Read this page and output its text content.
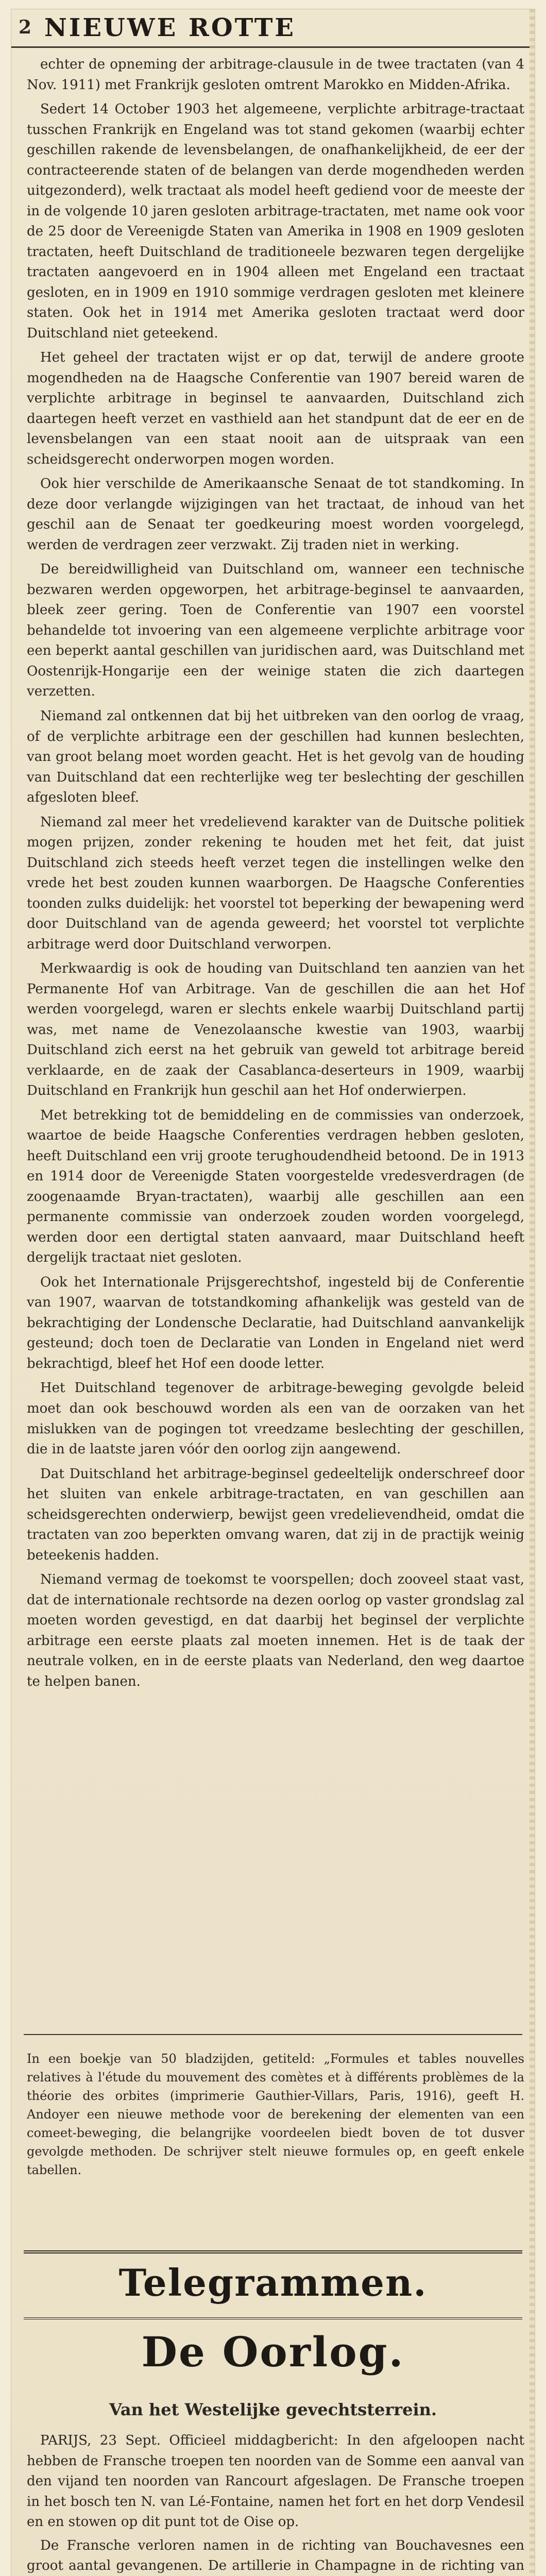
2 NIEUWE ROTTE

echter de opneming der arbitrage-clausule in de twee tractaten (van 4 Nov. 1911) met Frankrijk gesloten omtrent Marokko en Midden-Afrika.

Sedert 14 October 1903 het algemeene, verplichte arbitrage-tractaat tusschen Frankrijk en Engeland was tot stand gekomen (waarbij echter geschillen rakende de levensbelangen, de onafhankelijkheid, de eer der contracteerende staten of de belangen van derde mogendheden werden uitgezonderd), welk tractaat als model heeft gediend voor de meeste der in de volgende 10 jaren gesloten arbitrage-tractaten, met name ook voor de 25 door de Vereenigde Staten van Amerika in 1908 en 1909 gesloten tractaten, heeft Duitschland de traditioneele bezwaren tegen dergelijke tractaten aangevoerd en in 1904 alleen met Engeland een tractaat gesloten, en in 1909 en 1910 sommige verdragen gesloten met kleinere staten. Ook het in 1914 met Amerika gesloten tractaat werd door Duitschland niet geteekend.

Het geheel der tractaten wijst er op dat, terwijl de andere groote mogendheden na de Haagsche Conferentie van 1907 bereid waren de verplichte arbitrage in beginsel te aanvaarden, Duitschland zich daartegen heeft verzet en vasthield aan het standpunt dat de eer en de levensbelangen van een staat nooit aan de uitspraak van een scheidsgerecht onderworpen mogen worden.

Ook hier verschilde de Amerikaansche Senaat de tot standkoming. In deze door verlangde wijzigingen van het tractaat, de inhoud van het geschil aan de Senaat ter goedkeuring moest worden voorgelegd, werden de verdragen zeer verzwakt. Zij traden niet in werking.

De bereidwilligheid van Duitschland om, wanneer een technische bezwaren werden opgeworpen, het arbitrage-beginsel te aanvaarden, bleek zeer gering. Toen de Conferentie van 1907 een voorstel behandelde tot invoering van een algemeene verplichte arbitrage voor een beperkt aantal geschillen van juridischen aard, was Duitschland met Oostenrijk-Hongarije een der weinige staten die zich daartegen verzetten.

Niemand zal ontkennen dat bij het uitbreken van den oorlog de vraag, of de verplichte arbitrage een der geschillen had kunnen beslechten, van groot belang moet worden geacht. Het is het gevolg van de houding van Duitschland dat een rechterlijke weg ter beslechting der geschillen afgesloten bleef.

Niemand zal meer het vredelievend karakter van de Duitsche politiek mogen prijzen, zonder rekening te houden met het feit, dat juist Duitschland zich steeds heeft verzet tegen die instellingen welke den vrede het best zouden kunnen waarborgen. De Haagsche Conferenties toonden zulks duidelijk: het voorstel tot beperking der bewapening werd door Duitschland van de agenda geweerd; het voorstel tot verplichte arbitrage werd door Duitschland verworpen.

Merkwaardig is ook de houding van Duitschland ten aanzien van het Permanente Hof van Arbitrage. Van de geschillen die aan het Hof werden voorgelegd, waren er slechts enkele waarbij Duitschland partij was, met name de Venezolaansche kwestie van 1903, waarbij Duitschland zich eerst na het gebruik van geweld tot arbitrage bereid verklaarde, en de zaak der Casablanca-deserteurs in 1909, waarbij Duitschland en Frankrijk hun geschil aan het Hof onderwierpen.

Met betrekking tot de bemiddeling en de commissies van onderzoek, waartoe de beide Haagsche Conferenties verdragen hebben gesloten, heeft Duitschland een vrij groote terughoudendheid betoond. De in 1913 en 1914 door de Vereenigde Staten voorgestelde vredesverdragen (de zoogenaamde Bryan-tractaten), waarbij alle geschillen aan een permanente commissie van onderzoek zouden worden voorgelegd, werden door een dertigtal staten aanvaard, maar Duitschland heeft dergelijk tractaat niet gesloten.

Ook het Internationale Prijsgerechtshof, ingesteld bij de Conferentie van 1907, waarvan de totstandkoming afhankelijk was gesteld van de bekrachtiging der Londensche Declaratie, had Duitschland aanvankelijk gesteund; doch toen de Declaratie van Londen in Engeland niet werd bekrachtigd, bleef het Hof een doode letter.

Het Duitschland tegenover de arbitrage-beweging gevolgde beleid moet dan ook beschouwd worden als een van de oorzaken van het mislukken van de pogingen tot vreedzame beslechting der geschillen, die in de laatste jaren vóór den oorlog zijn aangewend.

Dat Duitschland het arbitrage-beginsel gedeeltelijk onderschreef door het sluiten van enkele arbitrage-tractaten, en van geschillen aan scheidsgerechten onderwierp, bewijst geen vredelievendheid, omdat die tractaten van zoo beperkten omvang waren, dat zij in de practijk weinig beteekenis hadden.

Niemand vermag de toekomst te voorspellen; doch zooveel staat vast, dat de internationale rechtsorde na dezen oorlog op vaster grondslag zal moeten worden gevestigd, en dat daarbij het beginsel der verplichte arbitrage een eerste plaats zal moeten innemen. Het is de taak der neutrale volken, en in de eerste plaats van Nederland, den weg daartoe te helpen banen.

In een boekje van 50 bladzijden, getiteld: „Formules et tables nouvelles relatives à l'étude du mouvement des comètes et à différents problèmes de la théorie des orbites (imprimerie Gauthier-Villars, Paris, 1916), geeft H. Andoyer een nieuwe methode voor de berekening der elementen van een comeet-beweging, die belangrijke voordeelen biedt boven de tot dusver gevolgde methoden. De schrijver stelt nieuwe formules op, en geeft enkele tabellen.
Telegrammen.
De Oorlog.
Van het Westelijke gevechtsterrein.

PARIJS, 23 Sept. Officieel middagbericht: In den afgeloopen nacht hebben de Fransche troepen ten noorden van de Somme een aanval van den vijand ten noorden van Rancourt afgeslagen. De Fransche troepen in het bosch ten N. van Lé-Fontaine, namen het fort en het dorp Vendesil en en stowen op dit punt tot de Oise op.

De Fransche verloren namen in de richting van Bouchavesnes een groot aantal gevangenen. De artillerie in Champagne in de richting van
